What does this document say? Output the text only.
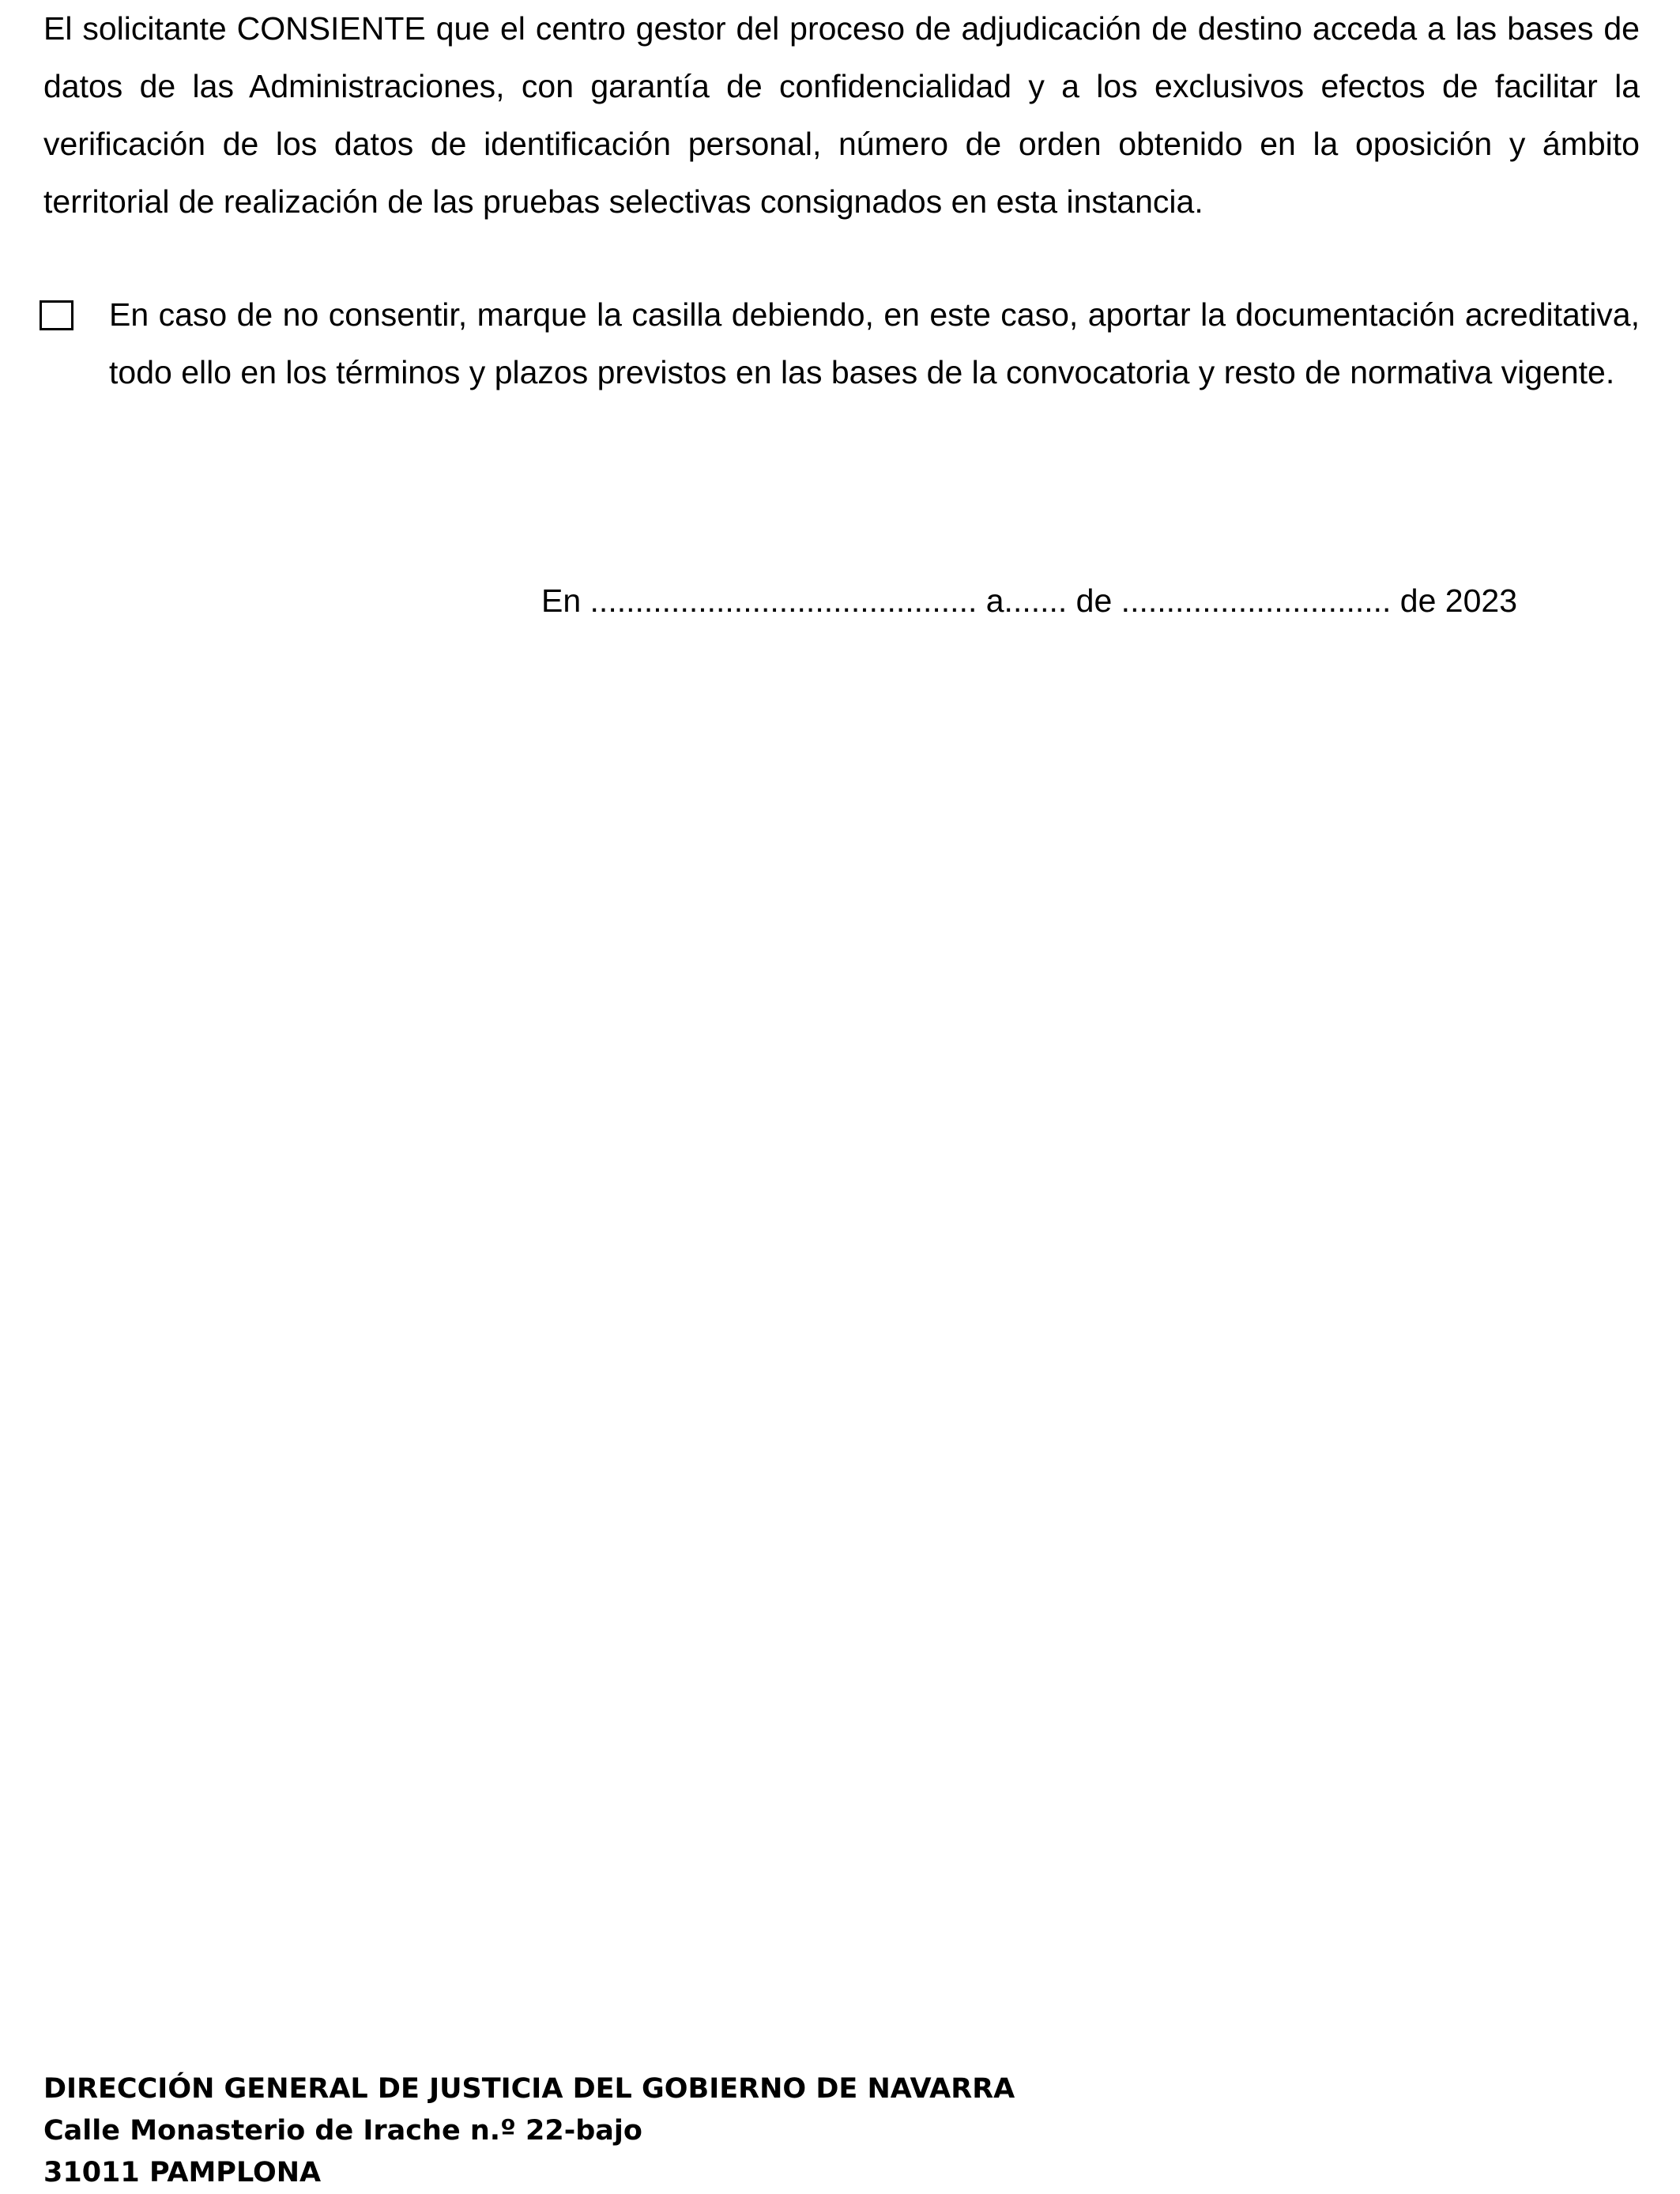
El solicitante CONSIENTE que el centro gestor del proceso de adjudicación de destino acceda a las bases de datos de las Administraciones, con garantía de confidencialidad y a los exclusivos efectos de facilitar la verificación de los datos de identificación personal, número de orden obtenido en la oposición y ámbito territorial de realización de las pruebas selectivas consignados en esta instancia.

En caso de no consentir, marque la casilla debiendo, en este caso, aportar la documentación acreditativa, todo ello en los términos y plazos previstos en las bases de la convocatoria y resto de normativa vigente.

En ........................................... a....... de .............................. de 2023

DIRECCIÓN GENERAL DE JUSTICIA DEL GOBIERNO DE NAVARRA
Calle Monasterio de Irache n.º 22-bajo
31011 PAMPLONA
